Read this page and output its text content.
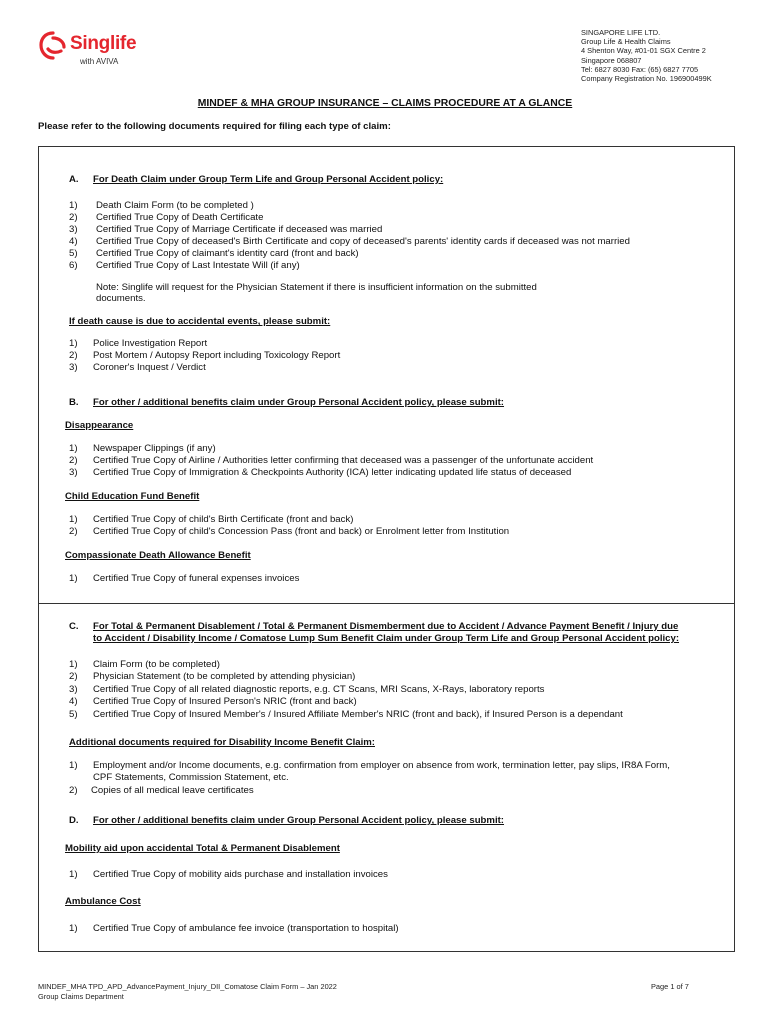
Singlife
with AVIVA
SINGAPORE LIFE LTD.
Group Life & Health Claims
4 Shenton Way, #01-01 SGX Centre 2
Singapore 068807
Tel: 6827 8030 Fax: (65) 6827 7705
Company Registration No. 196900499K
MINDEF & MHA GROUP INSURANCE – CLAIMS PROCEDURE AT A GLANCE
Please refer to the following documents required for filing each type of claim:
A. For Death Claim under Group Term Life and Group Personal Accident policy:
1) Death Claim Form (to be completed )
2) Certified True Copy of Death Certificate
3) Certified True Copy of Marriage Certificate if deceased was married
4) Certified True Copy of deceased's Birth Certificate and copy of deceased's parents' identity cards if deceased was not married
5) Certified True Copy of claimant's identity card (front and back)
6) Certified True Copy of Last Intestate Will (if any)
Note: Singlife will request for the Physician Statement if there is insufficient information on the submitted
documents.
If death cause is due to accidental events, please submit:
1) Police Investigation Report
2) Post Mortem / Autopsy Report including Toxicology Report
3) Coroner's Inquest / Verdict
B. For other / additional benefits claim under Group Personal Accident policy, please submit:
Disappearance
1) Newspaper Clippings (if any)
2) Certified True Copy of Airline / Authorities letter confirming that deceased was a passenger of the unfortunate accident
3) Certified True Copy of Immigration & Checkpoints Authority (ICA) letter indicating updated life status of deceased
Child Education Fund Benefit
1) Certified True Copy of child's Birth Certificate (front and back)
2) Certified True Copy of child's Concession Pass (front and back) or Enrolment letter from Institution
Compassionate Death Allowance Benefit
1) Certified True Copy of funeral expenses invoices
C. For Total & Permanent Disablement / Total & Permanent Dismemberment due to Accident / Advance Payment Benefit / Injury due
to Accident / Disability Income / Comatose Lump Sum Benefit Claim under Group Term Life and Group Personal Accident policy:
1) Claim Form (to be completed)
2) Physician Statement (to be completed by attending physician)
3) Certified True Copy of all related diagnostic reports, e.g. CT Scans, MRI Scans, X-Rays, laboratory reports
4) Certified True Copy of Insured Person's NRIC (front and back)
5) Certified True Copy of Insured Member's / Insured Affiliate Member's NRIC (front and back), if Insured Person is a dependant
Additional documents required for Disability Income Benefit Claim:
1) Employment and/or Income documents, e.g. confirmation from employer on absence from work, termination letter, pay slips, IR8A Form,
CPF Statements, Commission Statement, etc.
2) Copies of all medical leave certificates
D. For other / additional benefits claim under Group Personal Accident policy, please submit:
Mobility aid upon accidental Total & Permanent Disablement
1) Certified True Copy of mobility aids purchase and installation invoices
Ambulance Cost
1) Certified True Copy of ambulance fee invoice (transportation to hospital)
MINDEF_MHA TPD_APD_AdvancePayment_Injury_DII_Comatose Claim Form – Jan 2022
Group Claims Department
Page 1 of 7
